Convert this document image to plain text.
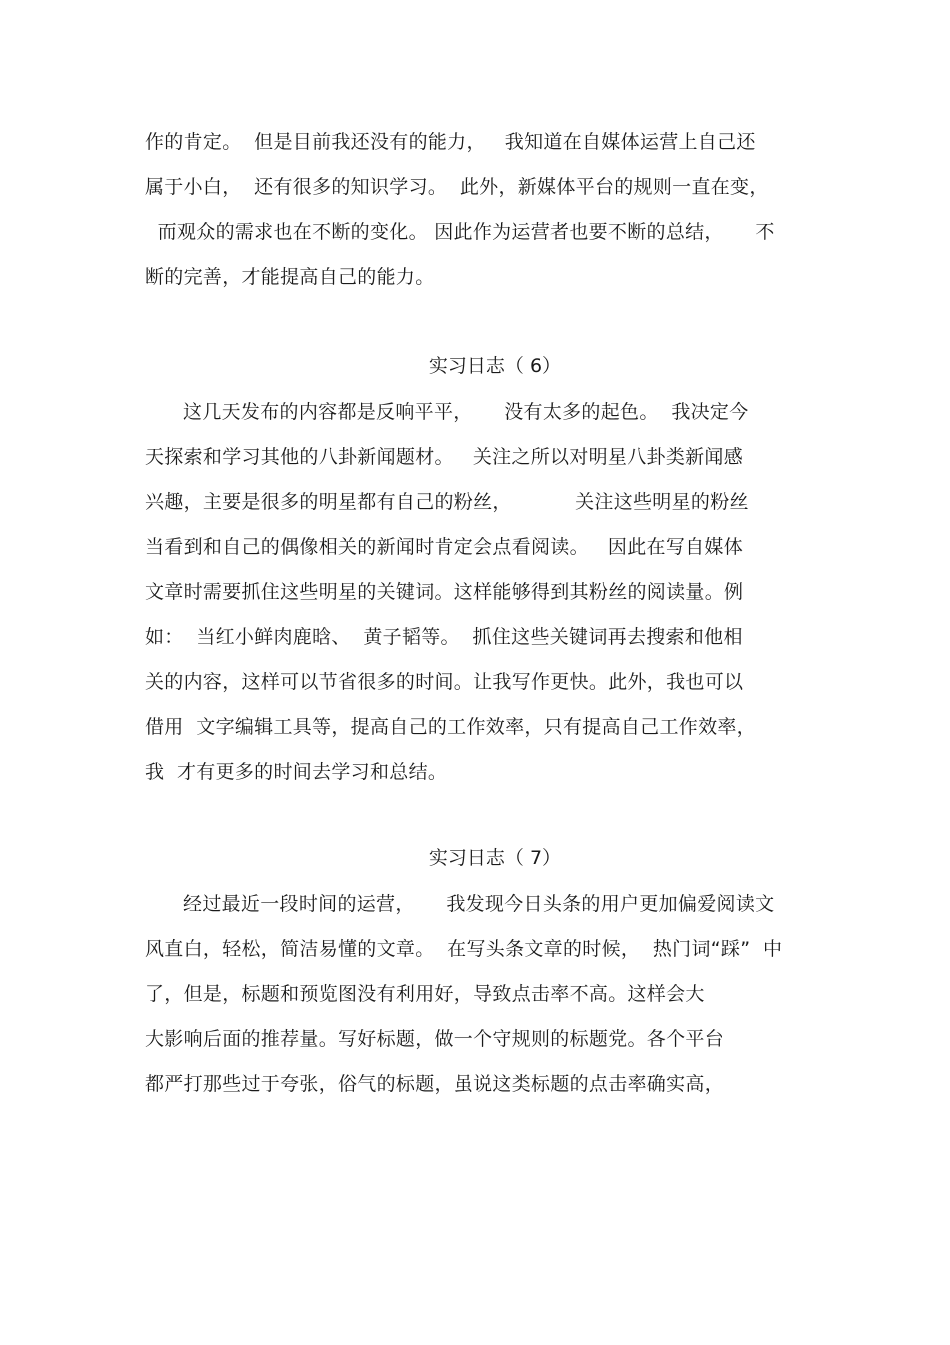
作的肯定。  但是目前我还没有的能力，   我知道在自媒体运营上自己还
属于小白，  还有很多的知识学习。  此外，新媒体平台的规则一直在变，
而观众的需求也在不断的变化。 因此作为运营者也要不断的总结，     不
断的完善，才能提高自己的能力。
实习日志（ 6）
这几天发布的内容都是反响平平，     没有太多的起色。  我决定今
天探索和学习其他的八卦新闻题材。   关注之所以对明星八卦类新闻感
兴趣，主要是很多的明星都有自己的粉丝，          关注这些明星的粉丝
当看到和自己的偶像相关的新闻时肯定会点看阅读。   因此在写自媒体
文章时需要抓住这些明星的关键词。这样能够得到其粉丝的阅读量。例
如：  当红小鲜肉鹿晗、  黄子韬等。  抓住这些关键词再去搜索和他相
关的内容，这样可以节省很多的时间。让我写作更快。此外，我也可以
借用  文字编辑工具等，提高自己的工作效率，只有提高自己工作效率，
我  才有更多的时间去学习和总结。
实习日志（ 7）
经过最近一段时间的运营，     我发现今日头条的用户更加偏爱阅读文
风直白，轻松，简洁易懂的文章。  在写头条文章的时候，  热门词“踩”  中
了，但是，标题和预览图没有利用好，导致点击率不高。这样会大
大影响后面的推荐量。写好标题，做一个守规则的标题党。各个平台
都严打那些过于夸张，俗气的标题，虽说这类标题的点击率确实高，
